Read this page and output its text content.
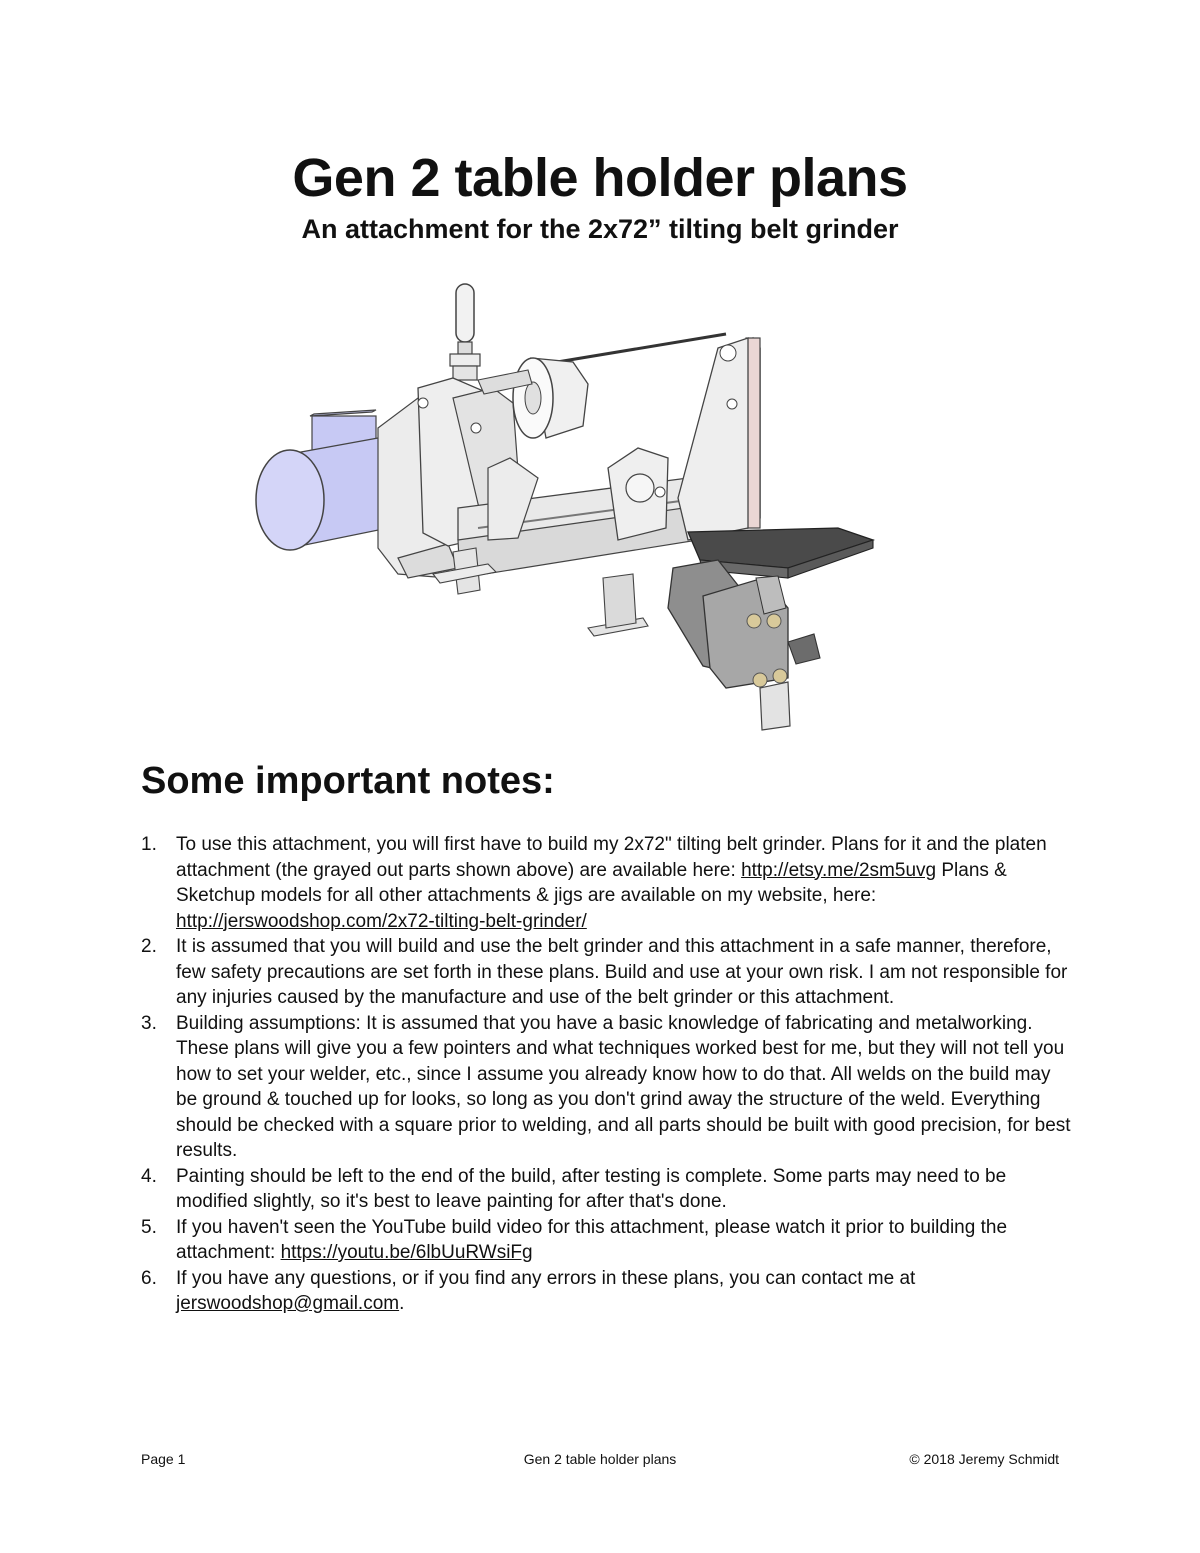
Gen 2 table holder plans
An attachment for the 2x72” tilting belt grinder
Some important notes:
1. To use this attachment, you will first have to build my 2x72" tilting belt grinder. Plans for it and the platen attachment (the grayed out parts shown above) are available here: http://etsy.me/2sm5uvg Plans & Sketchup models for all other attachments & jigs are available on my website, here: http://jerswoodshop.com/2x72-tilting-belt-grinder/
2. It is assumed that you will build and use the belt grinder and this attachment in a safe manner, therefore, few safety precautions are set forth in these plans. Build and use at your own risk. I am not responsible for any injuries caused by the manufacture and use of the belt grinder or this attachment.
3. Building assumptions: It is assumed that you have a basic knowledge of fabricating and metalworking. These plans will give you a few pointers and what techniques worked best for me, but they will not tell you how to set your welder, etc., since I assume you already know how to do that. All welds on the build may be ground & touched up for looks, so long as you don't grind away the structure of the weld. Everything should be checked with a square prior to welding, and all parts should be built with good precision, for best results.
4. Painting should be left to the end of the build, after testing is complete. Some parts may need to be modified slightly, so it's best to leave painting for after that's done.
5. If you haven't seen the YouTube build video for this attachment, please watch it prior to building the attachment: https://youtu.be/6lbUuRWsiFg
6. If you have any questions, or if you find any errors in these plans, you can contact me at jerswoodshop@gmail.com.
Page 1	Gen 2 table holder plans	© 2018 Jeremy Schmidt
